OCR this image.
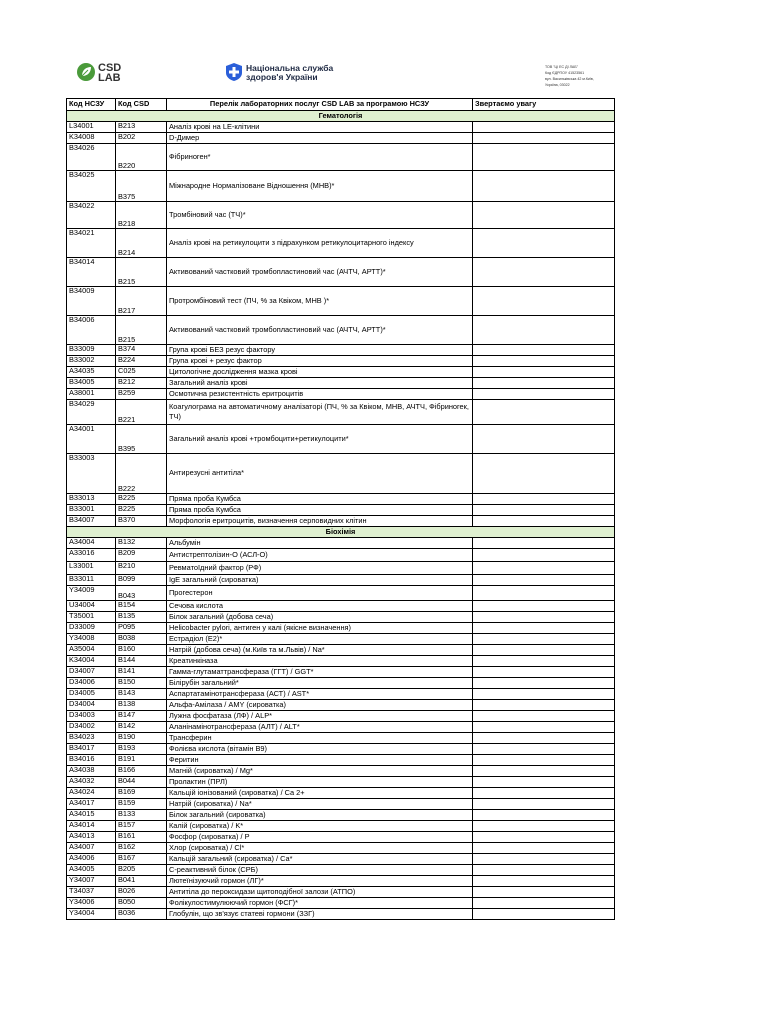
CSD
LAB
Національна служба
здоров'я України
ТОВ "ЦІ ЕС ДІ ЛАБ"
Код ЄДРПОУ 41523561
вул. Васильківська 42 м.Київ,
Україна, 03022
Код НСЗУ	Код CSD	Перелік лабораторних послуг CSD LAB за програмою НСЗУ	Звертаємо увагу
Гематологія			
L34001	B213	Аналіз крові на LE-клітини	
K34008	B202	D-Димер	
B34026	B220	Фібриноген*	
B34025	B375	Міжнародне Нормалізоване Відношення (МНВ)*	
B34022	B218	Тромбіновий час (ТЧ)*	
B34021	B214	Аналіз крові на ретикулоцити з підрахунком ретикулоцитарного індексу	
B34014	B215	Активований частковий тромбопластиновий час (АЧТЧ, АРТТ)*	
B34009	B217	Протромбіновий тест (ПЧ, % за Квіком, МНВ )*	
B34006	B215	Активований частковий тромбопластиновий час (АЧТЧ, АРТТ)*	
B33009	B374	Група крові БЕЗ резус фактору	
B33002	B224	Група крові + резус фактор	
A34035	C025	Цитологічне дослідження мазка крові	
B34005	B212	Загальний аналіз крові	
A38001	B259	Осмотична резистентність еритроцитів	
B34029	B221	Коагулограма на автоматичному аналізаторі (ПЧ, % за Квіком, МНВ, АЧТЧ, Фібриногек, ТЧ)	
A34001	B395	Загальний аналіз крові +тромбоцити+ретикулоцити*	
B33003	B222	Антирезусні антитіла*	
B33013	B225	Пряма проба Кумбса	
B33001	B225	Пряма проба Кумбса	
B34007	B370	Морфологія еритроцитів, визначення серповидних клітин	
Біохімія			
A34004	B132	Альбумін	
A33016	B209	Антистрептолізин-О (АСЛ-О)	
L33001	B210	Ревматоїдний фактор (РФ)	
B33011	B099	IgE загальний (сироватка)	
Y34009	B043	Прогестерон	
U34004	B154	Сечова кислота	
T35001	B135	Білок загальний (добова сеча)	
D33009	P095	Helicobacter pylori, антиген у калі (якісне визначення)	
Y34008	B038	Естрадіол (Е2)*	
A35004	B160	Натрій (добова сеча) (м.Київ та м.Львів) / Na*	
K34004	B144	Креатинкіназа	
D34007	B141	Гамма-глутаматтрансфераза (ГГТ) / GGT*	
D34006	B150	Білірубін загальний*	
D34005	B143	Аспартатамінотрансфераза (АСТ) / AST*	
D34004	B138	Альфа-Амілаза / AMY (сироватка)	
D34003	B147	Лужна фосфатаза (ЛФ) / ALP*	
D34002	B142	Аланінамінотрансфераза (АЛТ) / ALT*	
B34023	B190	Трансферин	
B34017	B193	Фолієва кислота (вітамін В9)	
B34016	B191	Феритин	
A34038	B166	Магній (сироватка) / Mg*	
A34032	B044	Пролактин (ПРЛ)	
A34024	B169	Кальцій іонізований (сироватка) / Ca 2+	
A34017	B159	Натрій (сироватка) / Na*	
A34015	B133	Білок загальний (сироватка)	
A34014	B157	Калій (сироватка) / K*	
A34013	B161	Фосфор (сироватка) / P	
A34007	B162	Хлор (сироватка) / Cl*	
A34006	B167	Кальцій загальний (сироватка) / Ca*	
A34005	B205	С-реактивний білок (СРБ)	
Y34007	B041	Лютеїнізуючий гормон (ЛГ)*	
T34037	B026	Антитіла до пероксидази щитоподібної залози (АТПО)	
Y34006	B050	Фолікулостимулюючий гормон (ФСГ)*	
Y34004	B036	Глобулін, що зв'язує статеві гормони (ЗЗГ)	
